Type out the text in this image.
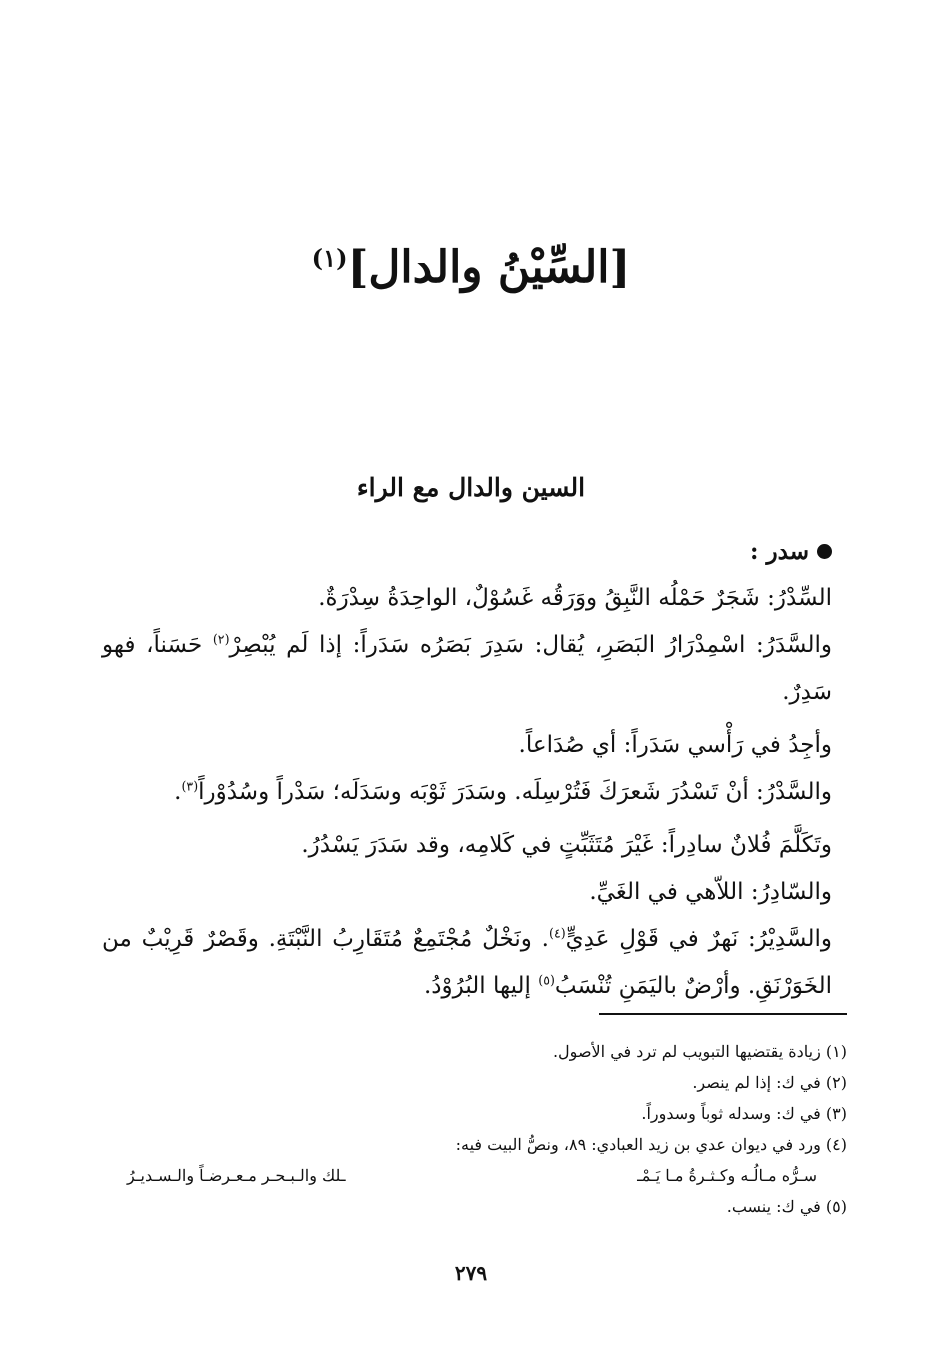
[السِّيْنُ والدال]$^{(١)}$
السين والدال مع الراء
سدر :

السِّدْرُ: شَجَرٌ حَمْلُه النَّبِقُ ووَرَقُه غَسُوْلٌ، الواحِدَةُ سِدْرَةٌ.

والسَّدَرُ: اسْمِدْرَارُ البَصَرِ، يُقال: سَدِرَ بَصَرُه سَدَراً: إذا لَم يُبْصِرْ$^{(٢)}$ حَسَناً، فهو سَدِرٌ.

وأجِدُ في رَأْسي سَدَراً: أي صُدَاعاً.

والسَّدْرُ: أنْ تَسْدُرَ شَعرَكَ فَتُرْسِلَه. وسَدَرَ ثَوْبَه وسَدَلَه؛ سَدْراً وسُدُوْراً$^{(٣)}$.

وتَكَلَّمَ فُلانٌ سادِراً: غَيْرَ مُتَثَبِّتٍ في كَلامِه، وقد سَدَرَ يَسْدُرُ.

والسّادِرُ: اللاّهي في الغَيِّ.

والسَّدِيْرُ: نَهرٌ في قَوْلِ عَدِيٍّ$^{(٤)}$. ونَخْلٌ مُجْتَمِعٌ مُتَقَارِبُ النَّبْتَةِ. وقَصْرٌ قَرِيْبٌ من الخَوَرْنَقِ. وأرْضٌ باليَمَنِ تُنْسَبُ$^{(٥)}$ إليها البُرُوْدُ.

(١) زيادة يقتضيها التبويب لم ترد في الأصول.

(٢) في ك: إذا لم ينصر.

(٣) في ك: وسدله ثوباً وسدوراً.

(٤) ورد في ديوان عدي بن زيد العبادي: ٨٩، ونصُّ البيت فيه:

سـرُّه مـالُـه وكـثـرةُ مـا يَـمْـ
ـلك والـبـحـر مـعـرضـاً والـسـديـرُ

(٥) في ك: ينسب.

٢٧٩
